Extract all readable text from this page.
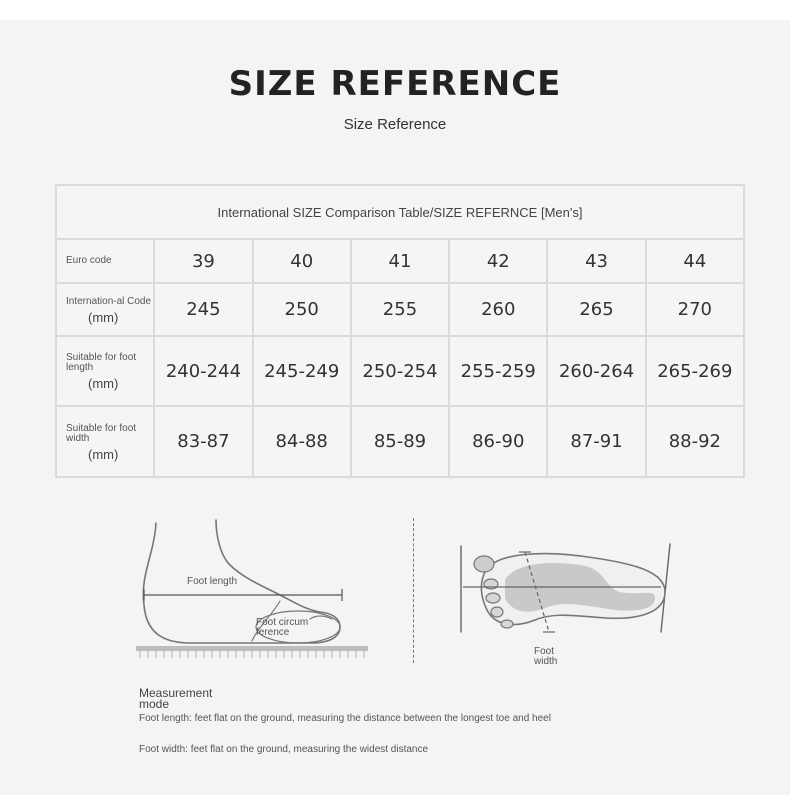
SIZE REFERENCE
Size Reference
International SIZE Comparison Table/SIZE REFERNCE [Men's]						

Euro code	39	40	41	42	43	44

Internation-al Code
(mm)	245	250	255	260	265	270

Suitable for foot length
(mm)	240-244	245-249	250-254	255-259	260-264	265-269

Suitable for foot width
(mm)	83-87	84-88	85-89	86-90	87-91	88-92
Foot length
Foot circum ference
Foot width
Measurement mode
Foot length: feet flat on the ground, measuring the distance between the longest toe and heel
Foot width: feet flat on the ground, measuring the widest distance
